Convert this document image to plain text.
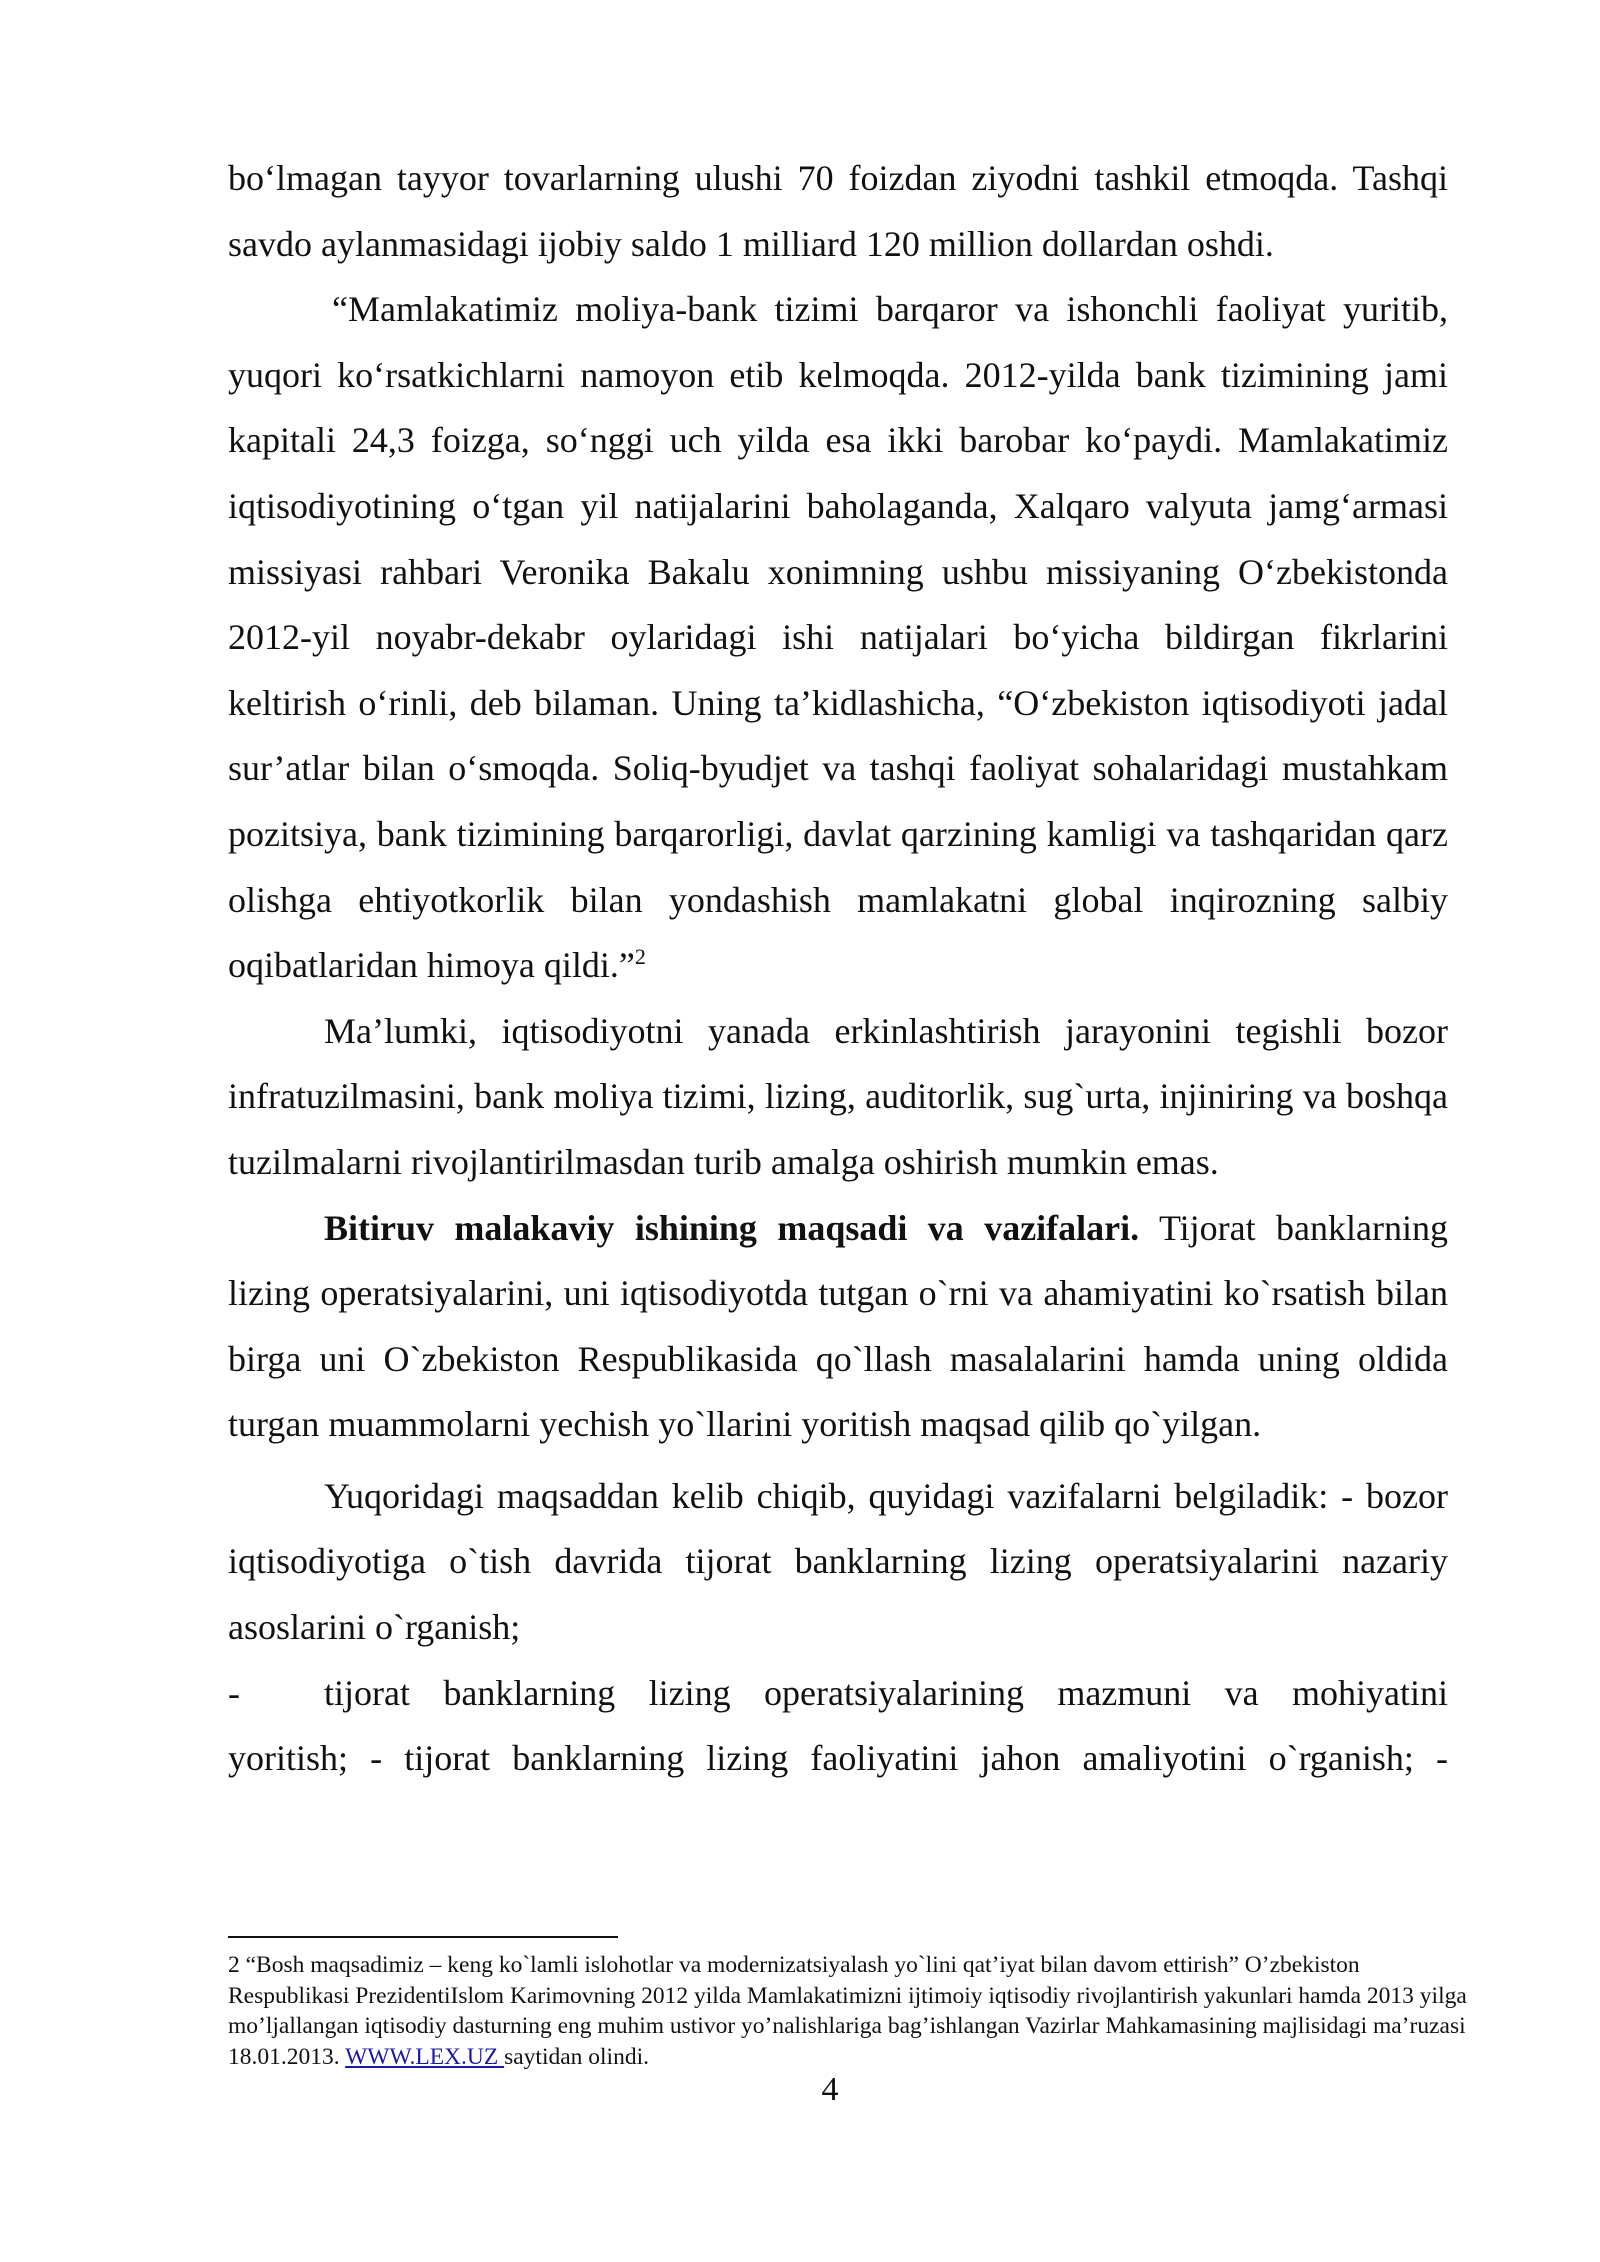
bo‘lmagan tayyor tovarlarning ulushi 70 foizdan ziyodni tashkil etmoqda. Tashqi savdo aylanmasidagi ijobiy saldo 1 milliard 120 million dollardan oshdi.

“Mamlakatimiz moliya-bank tizimi barqaror va ishonchli faoliyat yuritib, yuqori ko‘rsatkichlarni namoyon etib kelmoqda. 2012-yilda bank tizimining jami kapitali 24,3 foizga, so‘nggi uch yilda esa ikki barobar ko‘paydi. Mamlakatimiz iqtisodiyotining o‘tgan yil natijalarini baholaganda, Xalqaro valyuta jamg‘armasi missiyasi rahbari Veronika Bakalu xonimning ushbu missiyaning O‘zbekistonda 2012-yil noyabr-dekabr oylaridagi ishi natijalari bo‘yicha bildirgan fikrlarini keltirish o‘rinli, deb bilaman. Uning ta’kidlashicha, “O‘zbekiston iqtisodiyoti jadal sur’atlar bilan o‘smoqda. Soliq-byudjet va tashqi faoliyat sohalaridagi mustahkam pozitsiya, bank tizimining barqarorligi, davlat qarzining kamligi va tashqaridan qarz olishga ehtiyotkorlik bilan yondashish mamlakatni global inqirozning salbiy oqibatlaridan himoya qildi.”$^2$

Ma’lumki, iqtisodiyotni yanada erkinlashtirish jarayonini tegishli bozor infratuzilmasini, bank moliya tizimi, lizing, auditorlik, sug`urta, injiniring va boshqa tuzilmalarni rivojlantirilmasdan turib amalga oshirish mumkin emas.

Bitiruv malakaviy ishining maqsadi va vazifalari. Tijorat banklarning lizing operatsiyalarini, uni iqtisodiyotda tutgan o`rni va ahamiyatini ko`rsatish bilan birga uni O`zbekiston Respublikasida qo`llash masalalarini hamda uning oldida turgan muammolarni yechish yo`llarini yoritish maqsad qilib qo`yilgan.

Yuqoridagi maqsaddan kelib chiqib, quyidagi vazifalarni belgiladik: - bozor iqtisodiyotiga o`tish davrida tijorat banklarning lizing operatsiyalarini nazariy asoslarini o`rganish;

-	tijorat banklarning lizing operatsiyalarining mazmuni va mohiyatini

yoritish; - tijorat banklarning lizing faoliyatini jahon amaliyotini o`rganish; -

2 “Bosh maqsadimiz – keng ko`lamli islohotlar va modernizatsiyalash yo`lini qat’iyat bilan davom ettirish” O’zbekiston Respublikasi PrezidentiIslom Karimovning 2012 yilda Mamlakatimizni ijtimoiy iqtisodiy rivojlantirish yakunlari hamda 2013 yilga mo’ljallangan iqtisodiy dasturning eng muhim ustivor yo’nalishlariga bag’ishlangan Vazirlar Mahkamasining majlisidagi ma’ruzasi 18.01.2013. WWW.LEX.UZ saytidan olindi.

4
